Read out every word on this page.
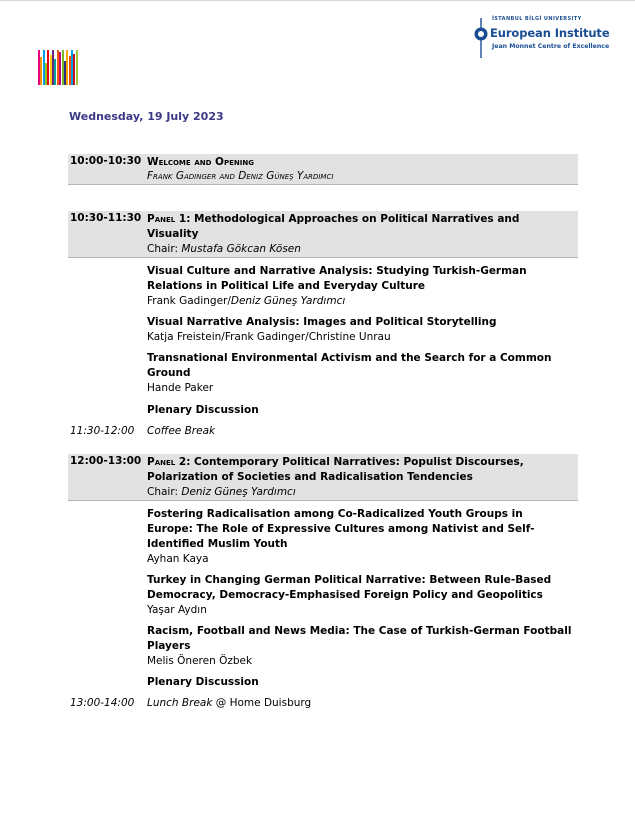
İSTANBUL BİLGİ UNIVERSITY
European Institute
Jean Monnet Centre of Excellence
Wednesday, 19 July 2023
10:00-10:30 Welcome and Opening
Frank Gadinger and Deniz Güneş Yardımcı
10:30-11:30 Panel 1: Methodological Approaches on Political Narratives and Visuality
Chair: Mustafa Gökcan Kösen
Visual Culture and Narrative Analysis: Studying Turkish-German Relations in Political Life and Everyday Culture
Frank Gadinger/Deniz Güneş Yardımcı
Visual Narrative Analysis: Images and Political Storytelling
Katja Freistein/Frank Gadinger/Christine Unrau
Transnational Environmental Activism and the Search for a Common Ground
Hande Paker
Plenary Discussion
11:30-12:00 Coffee Break
12:00-13:00 Panel 2: Contemporary Political Narratives: Populist Discourses, Polarization of Societies and Radicalisation Tendencies
Chair: Deniz Güneş Yardımcı
Fostering Radicalisation among Co-Radicalized Youth Groups in Europe: The Role of Expressive Cultures among Nativist and Self-Identified Muslim Youth
Ayhan Kaya
Turkey in Changing German Political Narrative: Between Rule-Based Democracy, Democracy-Emphasised Foreign Policy and Geopolitics
Yaşar Aydın
Racism, Football and News Media: The Case of Turkish-German Football Players
Melis Öneren Özbek
Plenary Discussion
13:00-14:00 Lunch Break @ Home Duisburg
